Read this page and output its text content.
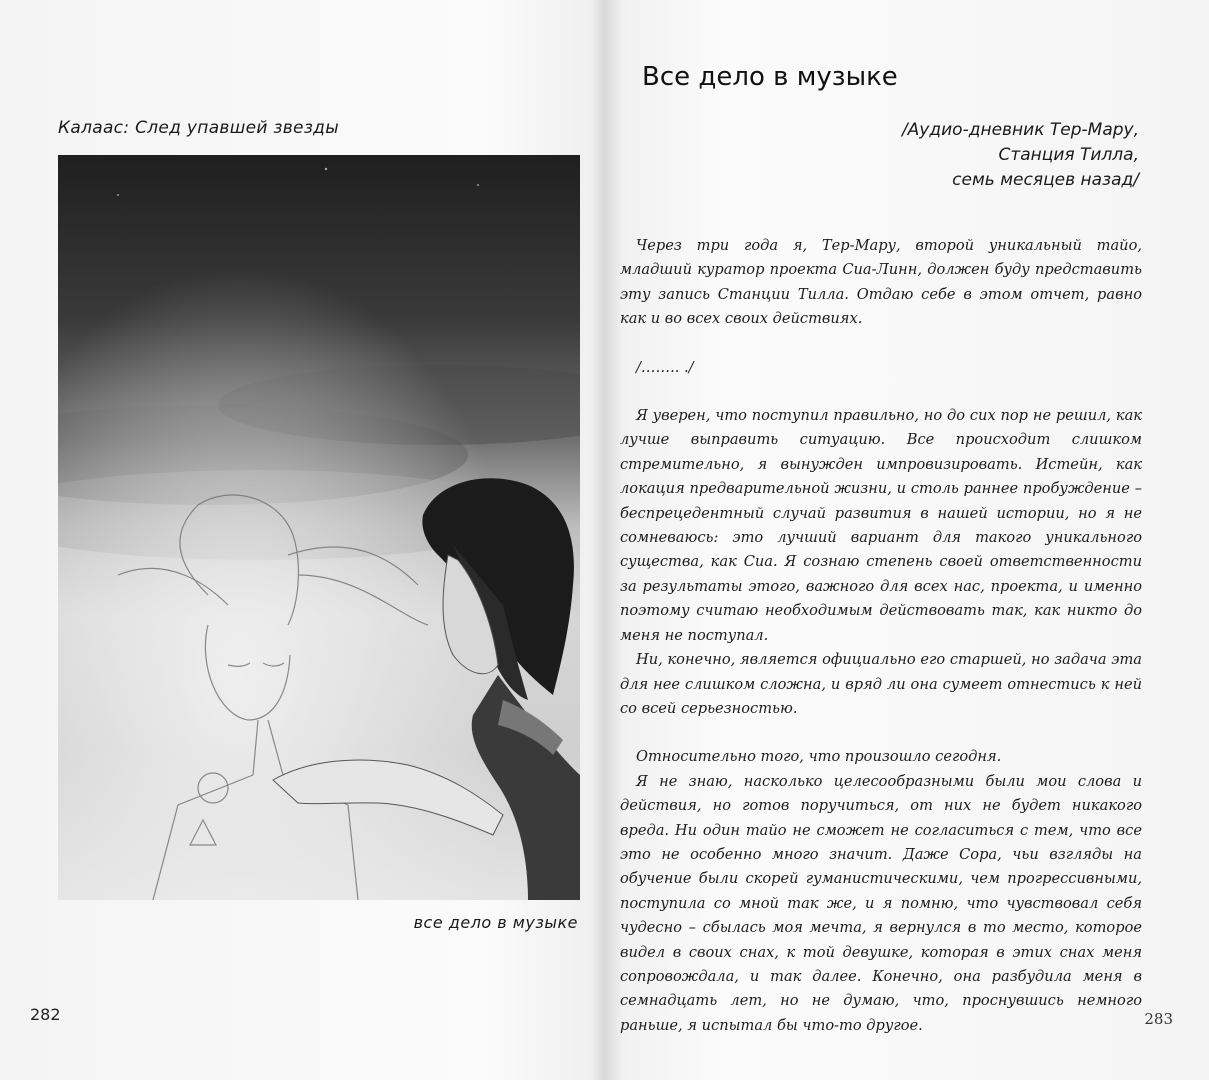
Калаас: След упавшей звезды
все дело в музыке
282
Все дело в музыке
/Аудио-дневник Тер-Мару,
Станция Тилла,
семь месяцев назад/

Через три года я, Тер-Мару, второй уникальный тайо, младший куратор проекта Сиа-Линн, должен буду представить эту запись Станции Тилла. Отдаю себе в этом отчет, равно как и во всех своих действиях.

/…….. ./

Я уверен, что поступил правильно, но до сих пор не решил, как лучше выправить ситуацию. Все происходит слишком стремительно, я вынужден импровизировать. Истейн, как локация предварительной жизни, и столь раннее пробуждение – беспрецедентный случай развития в нашей истории, но я не сомневаюсь: это лучший вариант для такого уникального существа, как Сиа. Я сознаю степень своей ответственности за результаты этого, важного для всех нас, проекта, и именно поэтому считаю необходимым действовать так, как никто до меня не поступал.

Ни, конечно, является официально его старшей, но задача эта для нее слишком сложна, и вряд ли она сумеет отнестись к ней со всей серьезностью.

Относительно того, что произошло сегодня.

Я не знаю, насколько целесообразными были мои слова и действия, но готов поручиться, от них не будет никакого вреда. Ни один тайо не сможет не согласиться с тем, что все это не особенно много значит. Даже Сора, чьи взгляды на обучение были скорей гуманистическими, чем прогрессивными, поступила со мной так же, и я помню, что чувствовал себя чудесно – сбылась моя мечта, я вернулся в то место, которое видел в своих снах, к той девушке, которая в этих снах меня сопровождала, и так далее. Конечно, она разбудила меня в семнадцать лет, но не думаю, что, проснувшись немного раньше, я испытал бы что-то другое.	283
